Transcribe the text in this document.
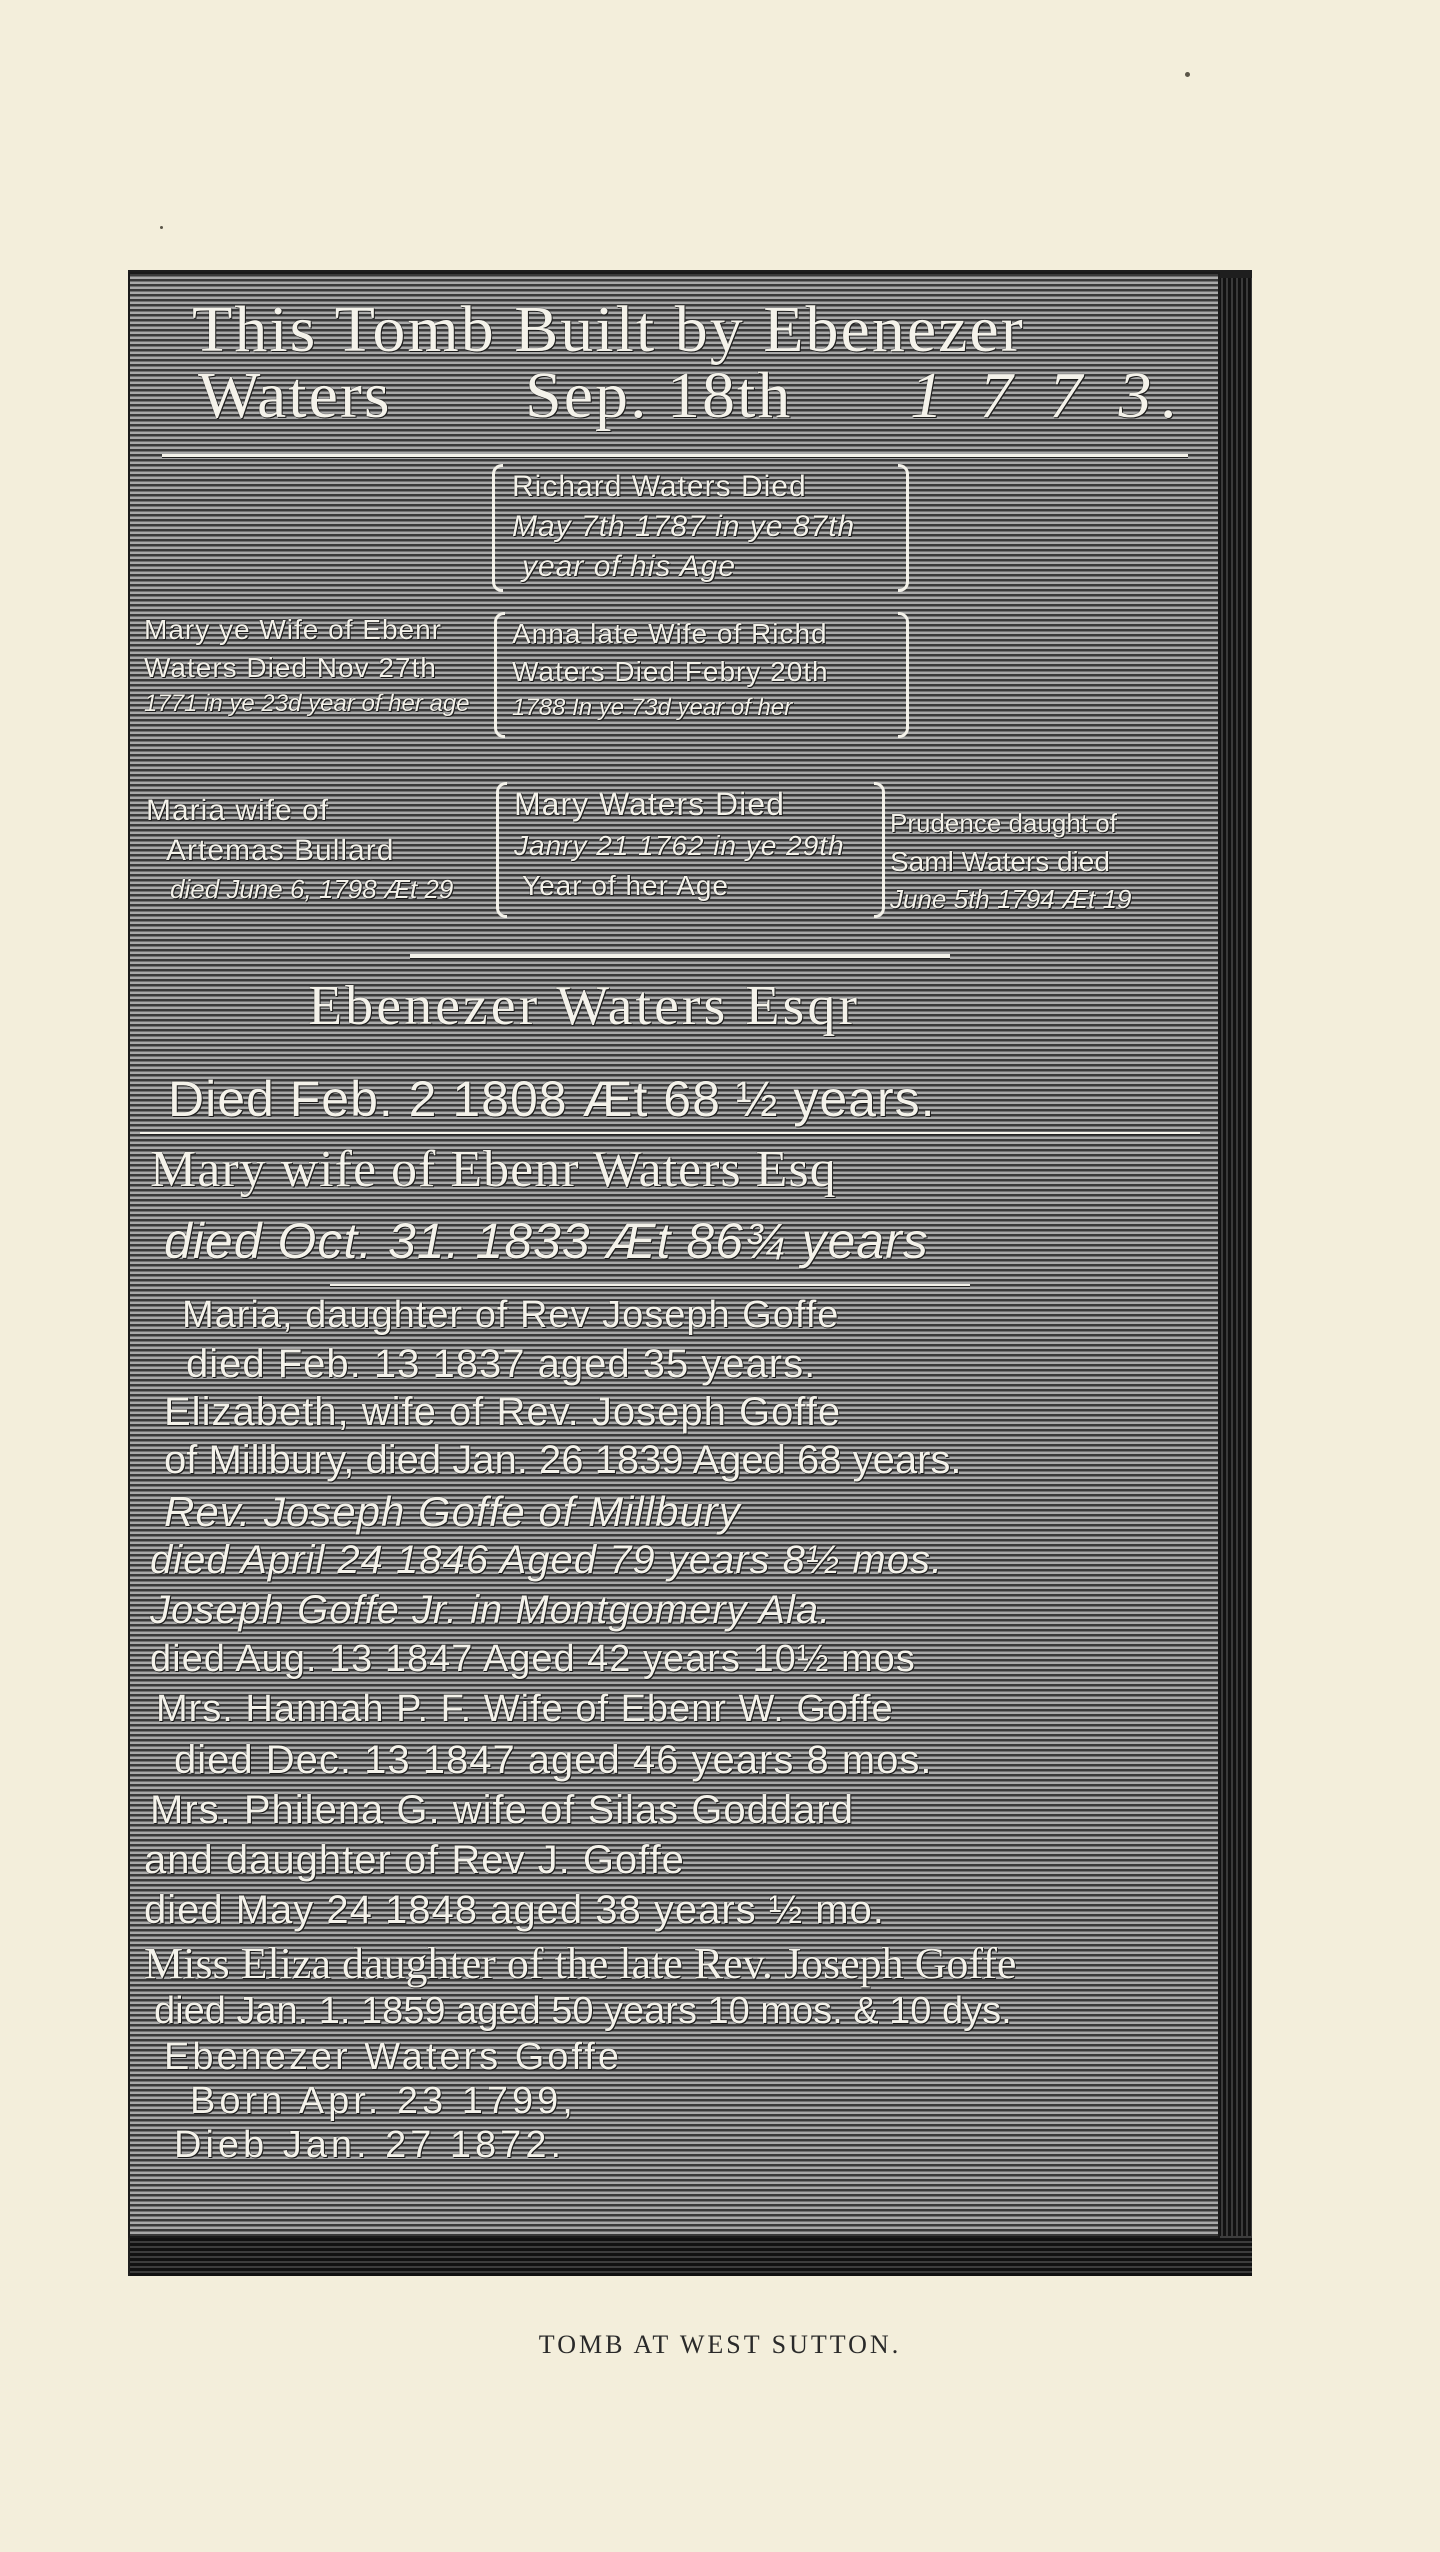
This Tomb Built by Ebenezer
Waters Sep. 18th 1 7 7 3.
Richard Waters Died
May 7th 1787 in ye 87th
year of his Age
Mary ye Wife of Ebenr
Waters Died Nov 27th
1771 in ye 23d year of her age
Anna late Wife of Richd
Waters Died Febry 20th
1788 In ye 73d year of her
Maria wife of
Artemas Bullard
died June 6, 1798 Æt 29
Mary Waters Died
Janry 21 1762 in ye 29th
Year of her Age
Prudence daught of
Saml Waters died
June 5th 1794 Æt 19
Ebenezer Waters Esqr
Died Feb. 2 1808 Æt 68 ½ years.
Mary wife of Ebenr Waters Esq
died Oct. 31. 1833 Æt 86¾ years
Maria, daughter of Rev Joseph Goffe
died Feb. 13 1837 aged 35 years.
Elizabeth, wife of Rev. Joseph Goffe
of Millbury, died Jan. 26 1839 Aged 68 years.
Rev. Joseph Goffe of Millbury
died April 24 1846 Aged 79 years 8½ mos.
Joseph Goffe Jr. in Montgomery Ala.
died Aug. 13 1847 Aged 42 years 10½ mos
Mrs. Hannah P. F. Wife of Ebenr W. Goffe
died Dec. 13 1847 aged 46 years 8 mos.
Mrs. Philena G. wife of Silas Goddard
and daughter of Rev J. Goffe
died May 24 1848 aged 38 years ½ mo.
Miss Eliza daughter of the late Rev. Joseph Goffe
died Jan. 1. 1859 aged 50 years 10 mos. & 10 dys.
Ebenezer Waters Goffe
Born Apr. 23 1799,
Dieb Jan. 27 1872.
TOMB AT WEST SUTTON.
